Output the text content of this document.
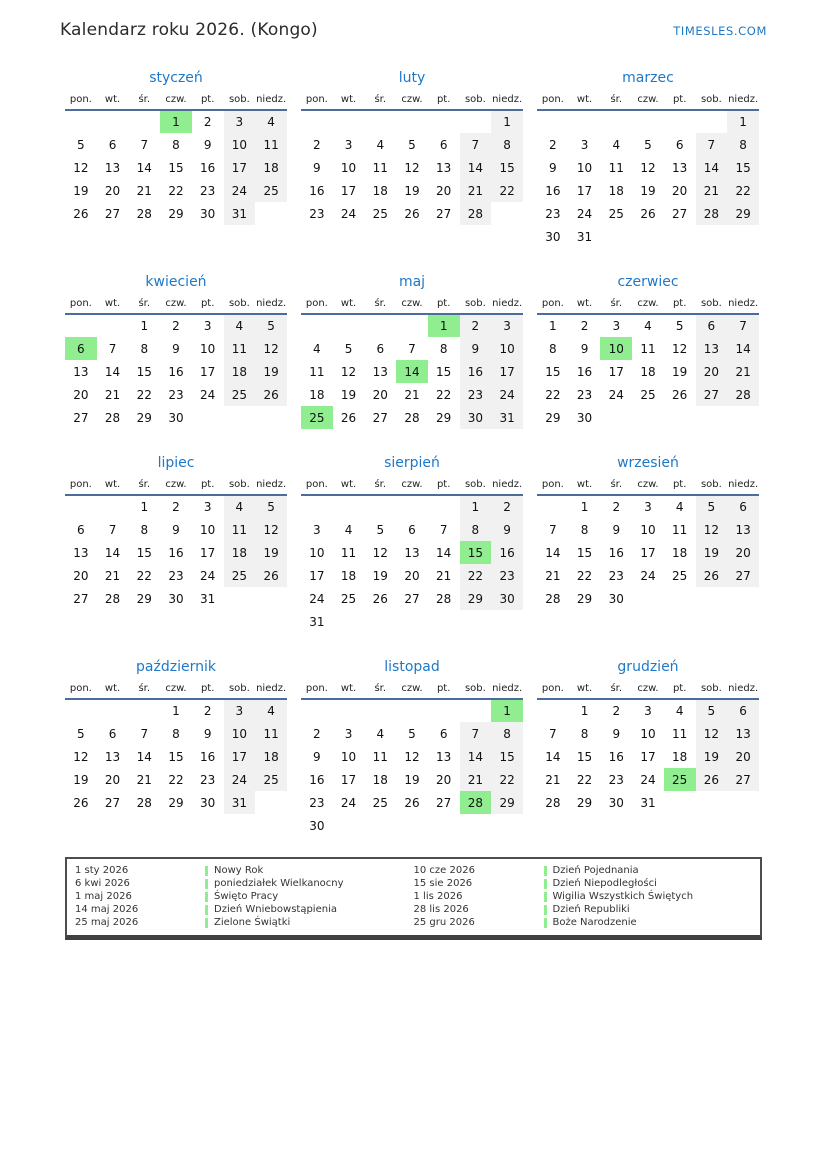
Kalendarz roku 2026. (Kongo)	TIMESLES.COM
styczeń
pon.	wt.	śr.	czw.	pt.	sob.	niedz.
			1	2	3	4
5	6	7	8	9	10	11
12	13	14	15	16	17	18
19	20	21	22	23	24	25
26	27	28	29	30	31	
luty
pon.	wt.	śr.	czw.	pt.	sob.	niedz.
						1
2	3	4	5	6	7	8
9	10	11	12	13	14	15
16	17	18	19	20	21	22
23	24	25	26	27	28	
marzec
pon.	wt.	śr.	czw.	pt.	sob.	niedz.
						1
2	3	4	5	6	7	8
9	10	11	12	13	14	15
16	17	18	19	20	21	22
23	24	25	26	27	28	29
30	31					
kwiecień
pon.	wt.	śr.	czw.	pt.	sob.	niedz.
		1	2	3	4	5
6	7	8	9	10	11	12
13	14	15	16	17	18	19
20	21	22	23	24	25	26
27	28	29	30			
maj
pon.	wt.	śr.	czw.	pt.	sob.	niedz.
				1	2	3
4	5	6	7	8	9	10
11	12	13	14	15	16	17
18	19	20	21	22	23	24
25	26	27	28	29	30	31
czerwiec
pon.	wt.	śr.	czw.	pt.	sob.	niedz.
1	2	3	4	5	6	7
8	9	10	11	12	13	14
15	16	17	18	19	20	21
22	23	24	25	26	27	28
29	30					
lipiec
pon.	wt.	śr.	czw.	pt.	sob.	niedz.
		1	2	3	4	5
6	7	8	9	10	11	12
13	14	15	16	17	18	19
20	21	22	23	24	25	26
27	28	29	30	31		
sierpień
pon.	wt.	śr.	czw.	pt.	sob.	niedz.
					1	2
3	4	5	6	7	8	9
10	11	12	13	14	15	16
17	18	19	20	21	22	23
24	25	26	27	28	29	30
31						
wrzesień
pon.	wt.	śr.	czw.	pt.	sob.	niedz.
	1	2	3	4	5	6
7	8	9	10	11	12	13
14	15	16	17	18	19	20
21	22	23	24	25	26	27
28	29	30				
październik
pon.	wt.	śr.	czw.	pt.	sob.	niedz.
			1	2	3	4
5	6	7	8	9	10	11
12	13	14	15	16	17	18
19	20	21	22	23	24	25
26	27	28	29	30	31	
listopad
pon.	wt.	śr.	czw.	pt.	sob.	niedz.
						1
2	3	4	5	6	7	8
9	10	11	12	13	14	15
16	17	18	19	20	21	22
23	24	25	26	27	28	29
30						
grudzień
pon.	wt.	śr.	czw.	pt.	sob.	niedz.
	1	2	3	4	5	6
7	8	9	10	11	12	13
14	15	16	17	18	19	20
21	22	23	24	25	26	27
28	29	30	31			
1 sty 2026	Nowy Rok
6 kwi 2026	poniedziałek Wielkanocny
1 maj 2026	Święto Pracy
14 maj 2026	Dzień Wniebowstąpienia
25 maj 2026	Zielone Świątki
10 cze 2026	Dzień Pojednania
15 sie 2026	Dzień Niepodległości
1 lis 2026	Wigilia Wszystkich Świętych
28 lis 2026	Dzień Republiki
25 gru 2026	Boże Narodzenie
